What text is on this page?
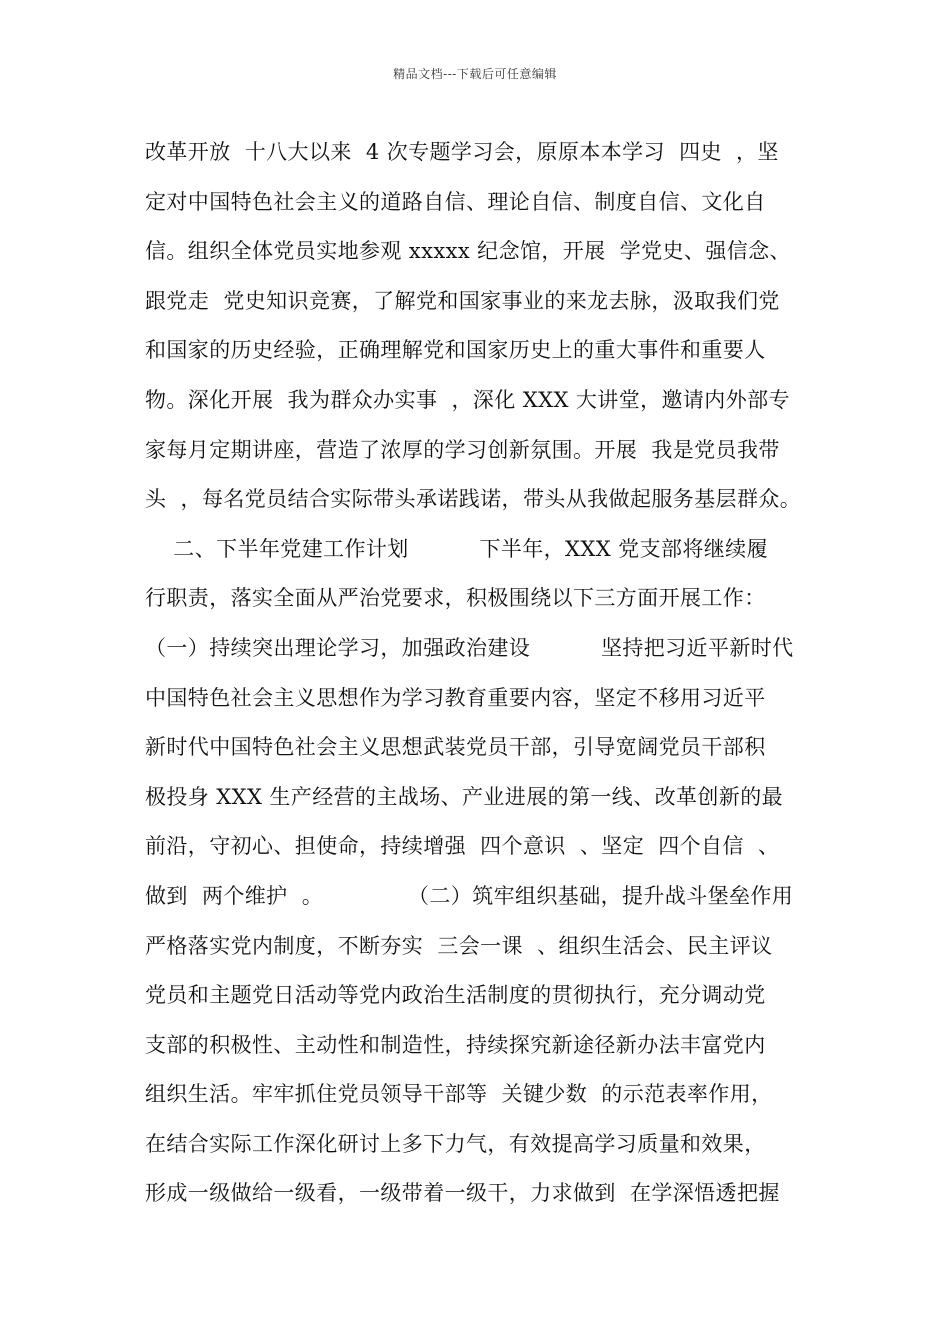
精品文档---下载后可任意编辑
改革开放  十八大以来  4 次专题学习会，原原本本学习  四史  ，坚
定对中国特色社会主义的道路自信、理论自信、制度自信、文化自
信。组织全体党员实地参观 xxxxx 纪念馆，开展  学党史、强信念、
跟党走  党史知识竞赛，了解党和国家事业的来龙去脉，汲取我们党
和国家的历史经验，正确理解党和国家历史上的重大事件和重要人
物。深化开展  我为群众办实事  ，深化 XXX 大讲堂，邀请内外部专
家每月定期讲座，营造了浓厚的学习创新氛围。开展  我是党员我带
头  ，每名党员结合实际带头承诺践诺，带头从我做起服务基层群众。
二、下半年党建工作计划          下半年，XXX 党支部将继续履
行职责，落实全面从严治党要求，积极围绕以下三方面开展工作：
（一）持续突出理论学习，加强政治建设          坚持把习近平新时代
中国特色社会主义思想作为学习教育重要内容，坚定不移用习近平
新时代中国特色社会主义思想武装党员干部，引导宽阔党员干部积
极投身 XXX 生产经营的主战场、产业进展的第一线、改革创新的最
前沿，守初心、担使命，持续增强  四个意识  、坚定  四个自信  、
做到  两个维护  。            （二）筑牢组织基础，提升战斗堡垒作用
严格落实党内制度，不断夯实  三会一课  、组织生活会、民主评议
党员和主题党日活动等党内政治生活制度的贯彻执行，充分调动党
支部的积极性、主动性和制造性，持续探究新途径新办法丰富党内
组织生活。牢牢抓住党员领导干部等  关键少数  的示范表率作用，
在结合实际工作深化研讨上多下力气，有效提高学习质量和效果，
形成一级做给一级看，一级带着一级干，力求做到  在学深悟透把握
